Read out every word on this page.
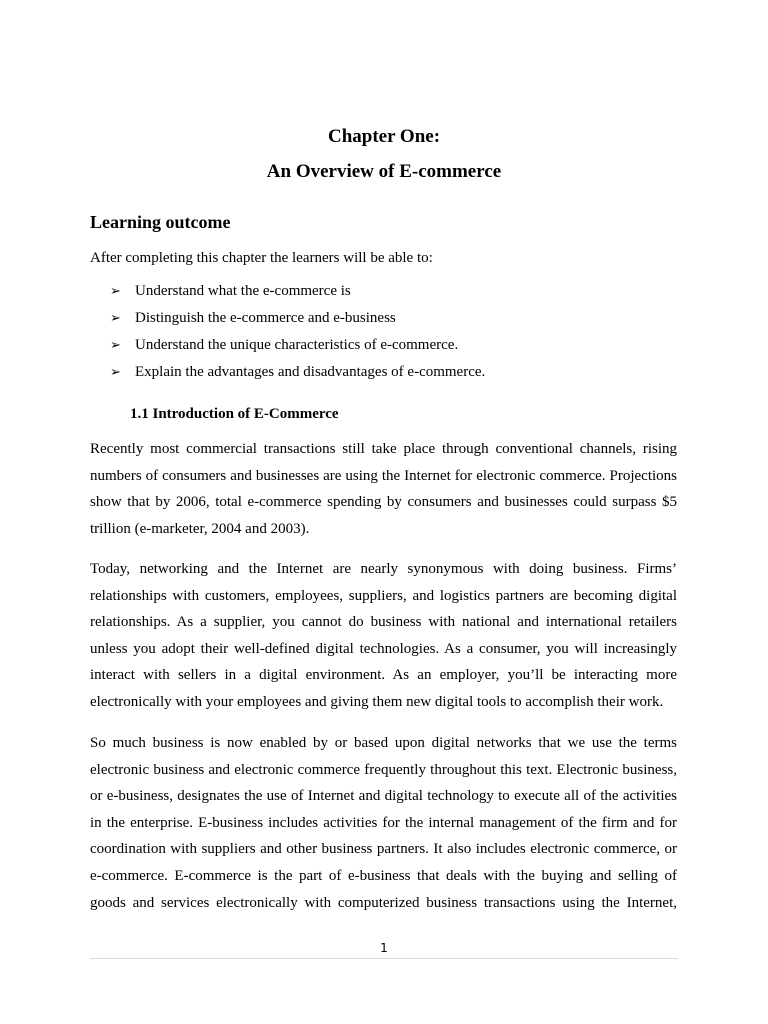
Chapter One:
An Overview of E-commerce
Learning outcome

After completing this chapter the learners will be able to:

➢ Understand what the e-commerce is
➢ Distinguish the e-commerce and e-business
➢ Understand the unique characteristics of e-commerce.
➢ Explain the advantages and disadvantages of e-commerce.
1.1 Introduction of E-Commerce

Recently most commercial transactions still take place through conventional channels, rising numbers of consumers and businesses are using the Internet for electronic commerce. Projections show that by 2006, total e-commerce spending by consumers and businesses could surpass $5 trillion (e-marketer, 2004 and 2003).

Today, networking and the Internet are nearly synonymous with doing business. Firms’ relationships with customers, employees, suppliers, and logistics partners are becoming digital relationships. As a supplier, you cannot do business with national and international retailers unless you adopt their well-defined digital technologies. As a consumer, you will increasingly interact with sellers in a digital environment. As an employer, you’ll be interacting more electronically with your employees and giving them new digital tools to accomplish their work.

So much business is now enabled by or based upon digital networks that we use the terms electronic business and electronic commerce frequently throughout this text. Electronic business, or e-business, designates the use of Internet and digital technology to execute all of the activities in the enterprise. E-business includes activities for the internal management of the firm and for coordination with suppliers and other business partners. It also includes electronic commerce, or e-commerce. E-commerce is the part of e-business that deals with the buying and selling of goods and services electronically with computerized business transactions using the Internet,

1
